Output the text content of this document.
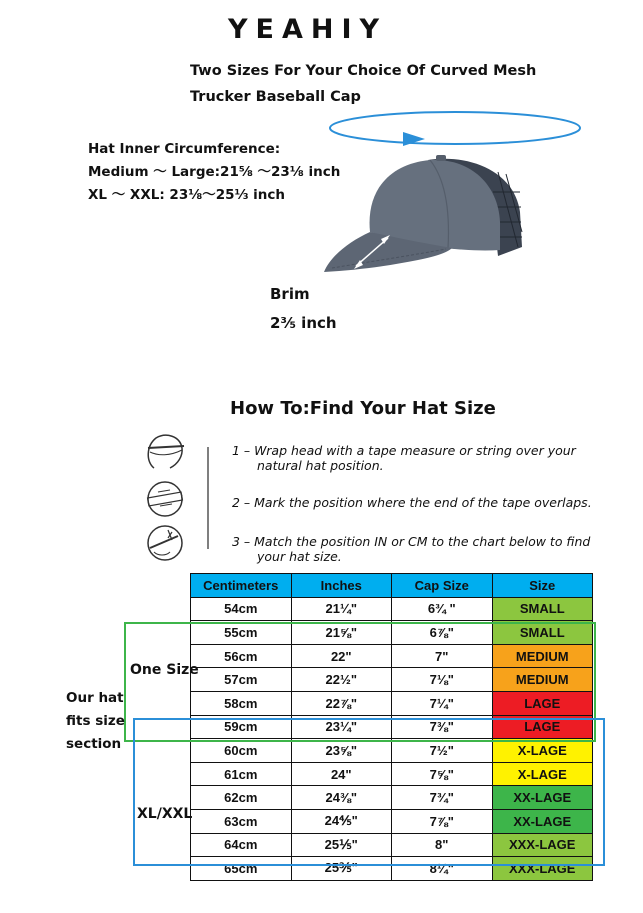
YEAHIY
Two Sizes For Your Choice Of Curved Mesh
Trucker Baseball Cap
Hat Inner Circumference:
Medium ～ Large:21⅝ ～23⅛ inch
XL ～ XXL: 23⅛～25⅓ inch
Brim
2⅗ inch
How To:Find Your Hat Size
1 – Wrap head with a tape measure or string over your
natural hat position.
2 – Mark the position where the end of the tape overlaps.
3 – Match the position IN or CM to the chart below to find
your hat size.
Centimeters	Inches	Cap Size	Size
54cm	21¼"	6¾ "	SMALL
55cm	21⅝"	6⅞"	SMALL
56cm	22"	7"	MEDIUM
57cm	22½"	7⅛"	MEDIUM
58cm	22⅞"	7¼"	LAGE
59cm	23¼"	7⅜"	LAGE
60cm	23⅝"	7½"	X-LAGE
61cm	24"	7⅝"	X-LAGE
62cm	24⅜"	7¾"	XX-LAGE
63cm	24⅘"	7⅞"	XX-LAGE
64cm	25⅕"	8"	XXX-LAGE
65cm	25⅗"	8¼"	XXX-LAGE
One Size
XL/XXL
Our hat
fits size
section
